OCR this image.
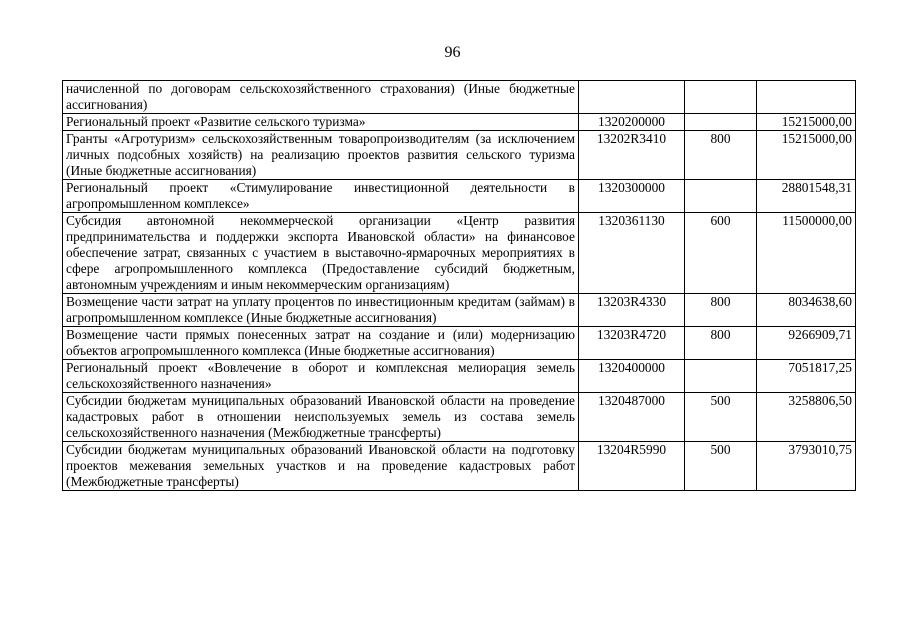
96
начисленной по договорам сельскохозяйственного страхования) (Иные бюджетные ассигнования)			
Региональный проект «Развитие сельского туризма»	1320200000		15215000,00
Гранты «Агротуризм» сельскохозяйственным товаропроизводителям (за исключением личных подсобных хозяйств) на реализацию проектов развития сельского туризма (Иные бюджетные ассигнования)	13202R3410	800	15215000,00
Региональный проект «Стимулирование инвестиционной деятельности в агропромышленном комплексе»	1320300000		28801548,31
Субсидия автономной некоммерческой организации «Центр развития предпринимательства и поддержки экспорта Ивановской области» на финансовое обеспечение затрат, связанных с участием в выставочно-ярмарочных мероприятиях в сфере агропромышленного комплекса (Предоставление субсидий бюджетным, автономным учреждениям и иным некоммерческим организациям)	1320361130	600	11500000,00
Возмещение части затрат на уплату процентов по инвестиционным кредитам (займам) в агропромышленном комплексе (Иные бюджетные ассигнования)	13203R4330	800	8034638,60
Возмещение части прямых понесенных затрат на создание и (или) модернизацию объектов агропромышленного комплекса (Иные бюджетные ассигнования)	13203R4720	800	9266909,71
Региональный проект «Вовлечение в оборот и комплексная мелиорация земель сельскохозяйственного назначения»	1320400000		7051817,25
Субсидии бюджетам муниципальных образований Ивановской области на проведение кадастровых работ в отношении неиспользуемых земель из состава земель сельскохозяйственного назначения (Межбюджетные трансферты)	1320487000	500	3258806,50
Субсидии бюджетам муниципальных образований Ивановской области на подготовку проектов межевания земельных участков и на проведение кадастровых работ (Межбюджетные трансферты)	13204R5990	500	3793010,75
